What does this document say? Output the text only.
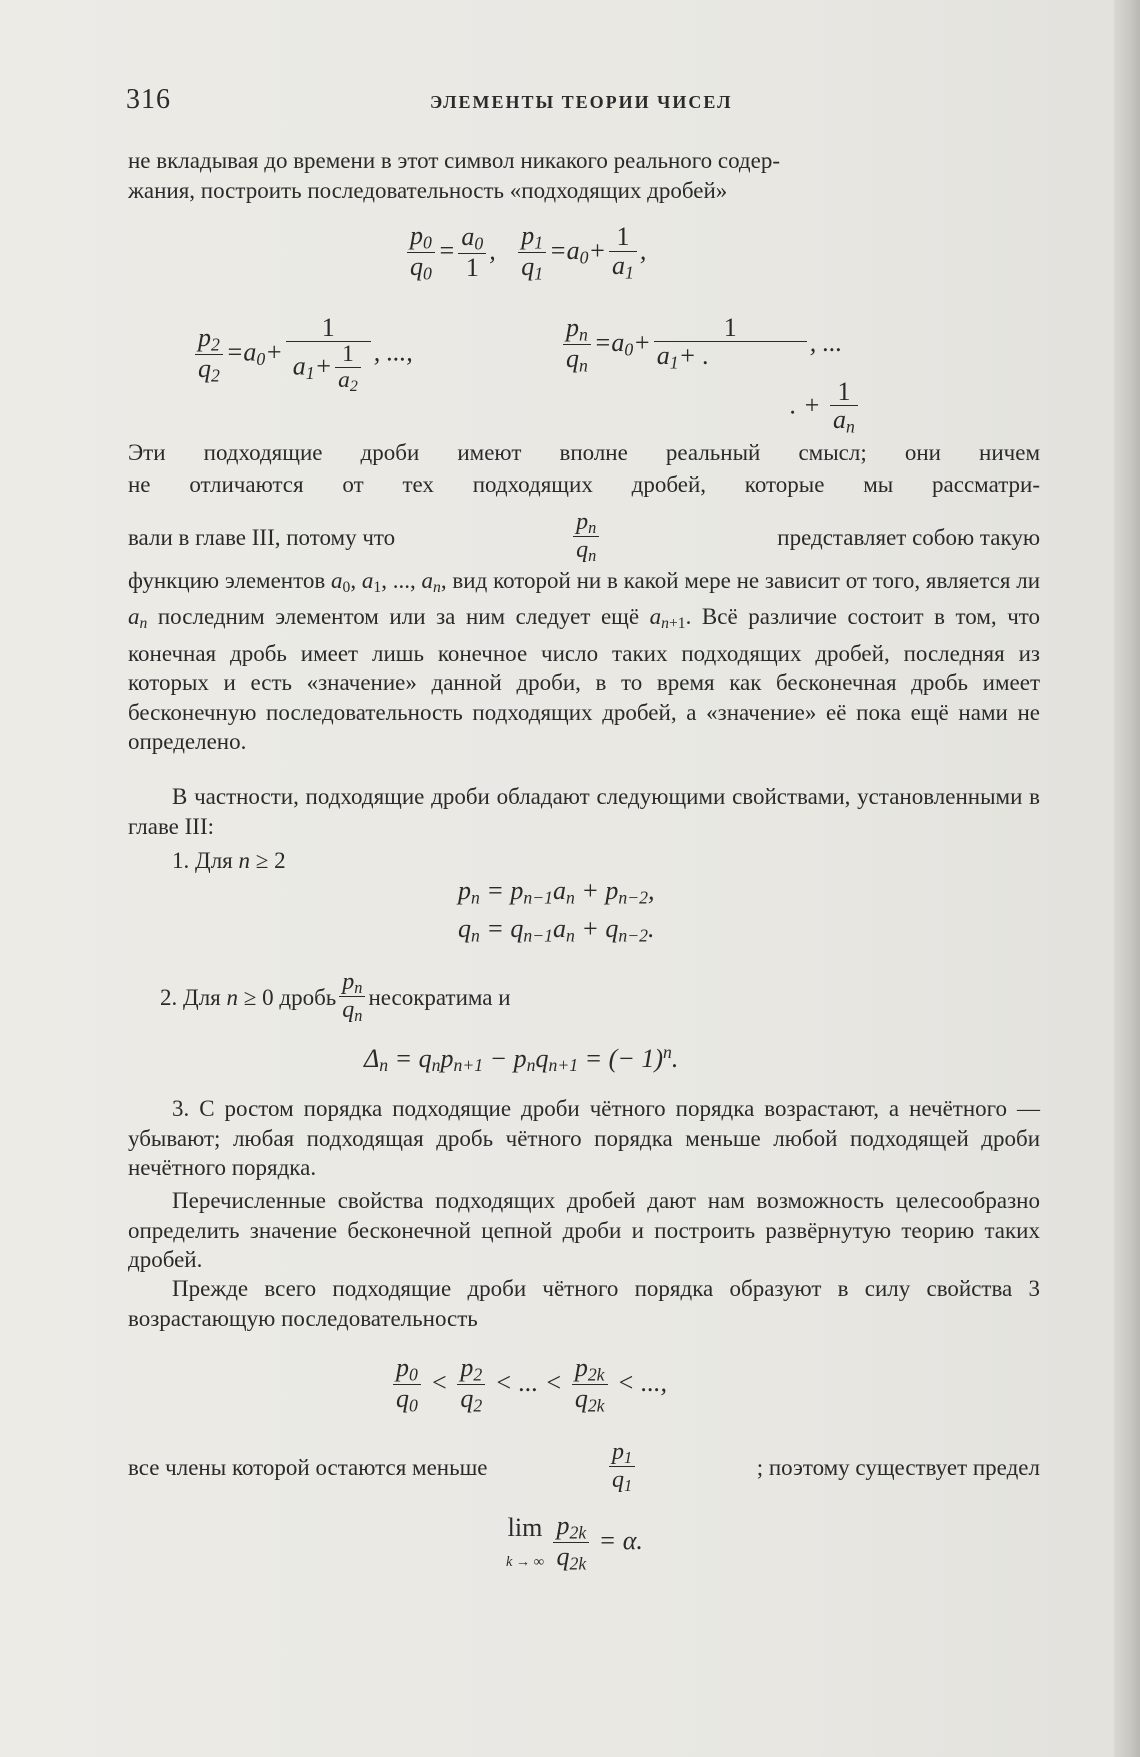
316	ЭЛЕМЕНТЫ ТЕОРИИ ЧИСЕЛ
не вкладывая до времени в этот символ никакого реального содер-
жания, построить последовательность «подходящих дробей»
$\frac{p_0}{q_0} = \frac{a_0}{1}$ , $\frac{p_1}{q_1} =a_0+ \frac{1}{a_1}$ ,
$\frac{p_2}{q_2} =a_0+ \frac{1}{a_1+ \frac{1}{a_2}}$ , ...,	$\frac{p_n}{q_n} =a_0+ \frac{1}{a_1+ .}$ , ...
. + $\frac{1}{a_n}$
Эти подходящие дроби имеют вполне реальный смысл; они ничем
не отличаются от тех подходящих дробей, которые мы рассматри-
вали в главе III, потому что
$p_n$
$q_n$
представляет собою такую
функцию элементов $a_0$, $a_1$, ..., $a_n$, вид которой ни в какой мере не зависит от того, является ли $a_n$ последним элементом или за ним следует ещё $a_{n+1}$. Всё различие состоит в том, что конечная дробь имеет лишь конечное число таких подходящих дробей, последняя из которых и есть «значение» данной дроби, в то время как бесконечная дробь имеет бесконечную последовательность подходящих дробей, а «значение» её пока ещё нами не определено.
В частности, подходящие дроби обладают следующими свойствами, установленными в главе III:
1. Для n ≥ 2
$p_n = p_{n-1}a_n + p_{n-2}$,
$q_n = q_{n-1}a_n + q_{n-2}$.
2. Для
n ≥ 0 дробь
$p_n$
$q_n$
несократима и
$\Delta_n = q_np_{n+1} - p_nq_{n+1}$ = (− 1)$^n$.
3. С ростом порядка подходящие дроби чётного порядка возрастают, а нечётного — убывают; любая подходящая дробь чётного порядка меньше любой подходящей дроби нечётного порядка.
Перечисленные свойства подходящих дробей дают нам возможность целесообразно определить значение бесконечной цепной дроби и построить развёрнутую теорию таких дробей.
Прежде всего подходящие дроби чётного порядка образуют в силу свойства 3 возрастающую последовательность
$\frac{p_0}{q_0} < \frac{p_2}{q_2}$ < ... < $\frac{p_{2k}}{q_{2k}}$ < ...,
все члены которой остаются меньше
$p_1$
$q_1$
; поэтому существует предел
lim
k → ∞ $\frac{p_{2k}}{q_{2k}} = \alpha$.
